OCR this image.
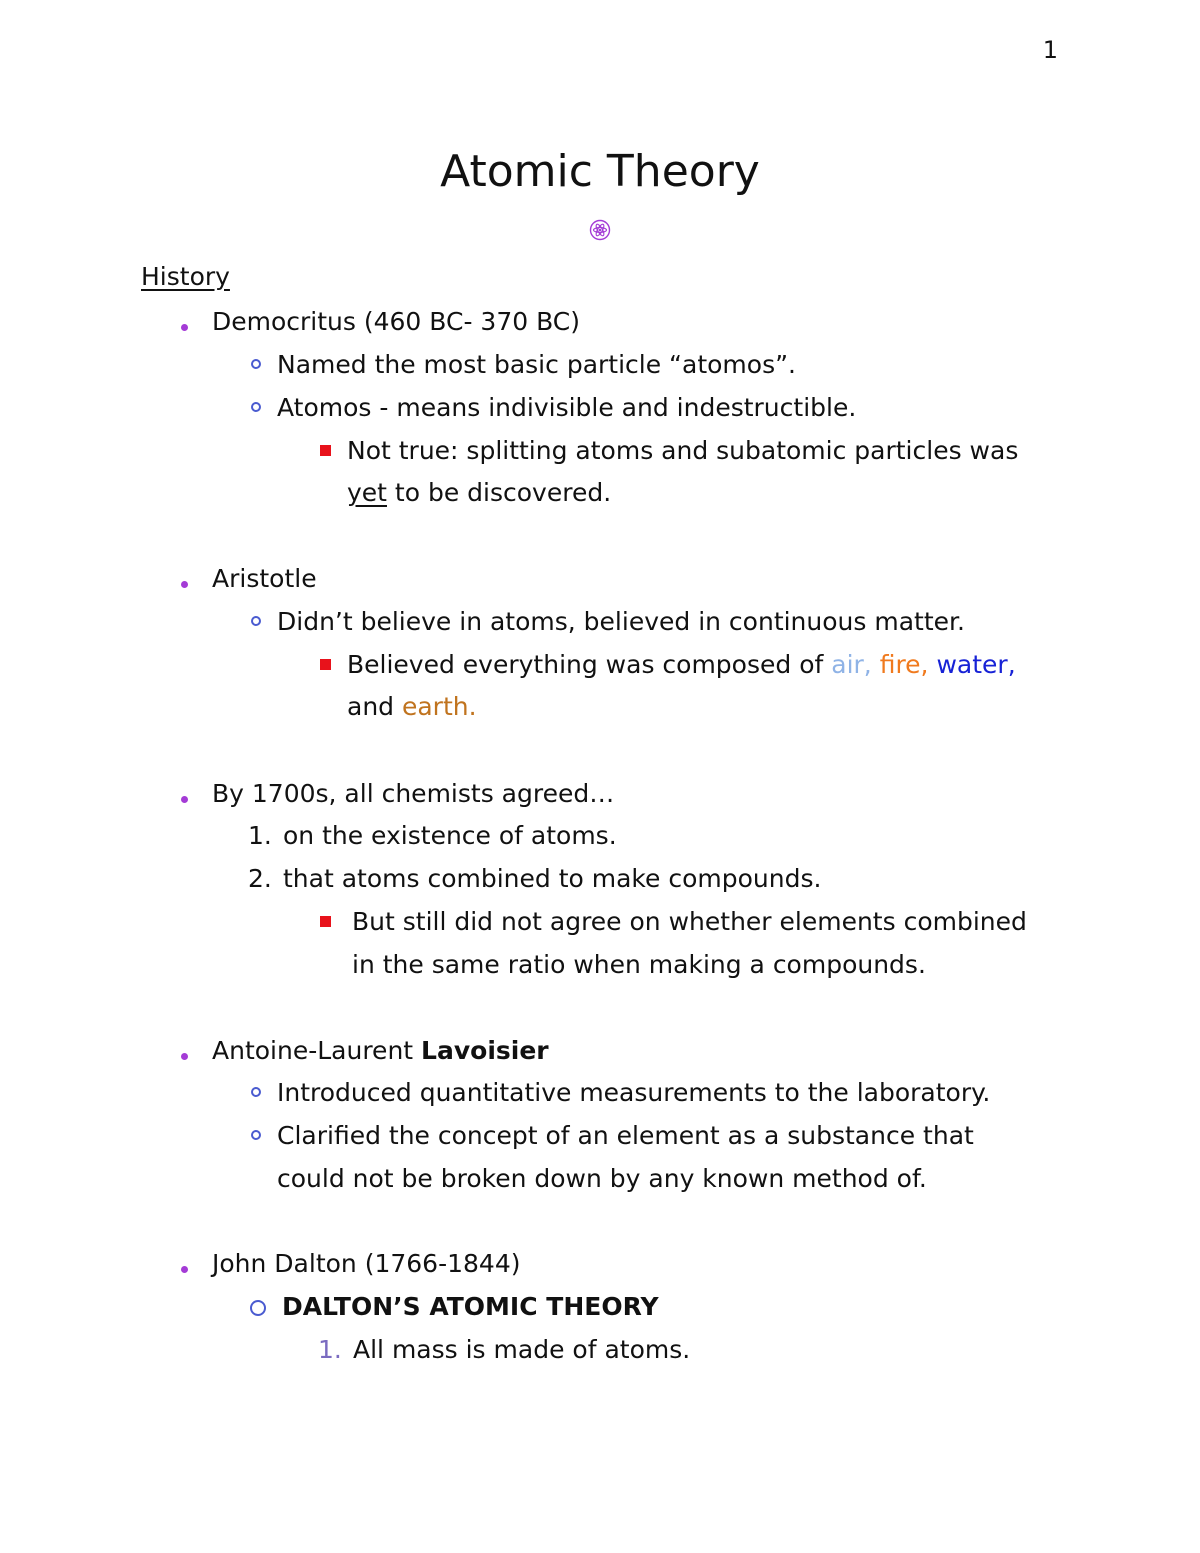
1
Atomic Theory
History
Democritus (460 BC- 370 BC)
Named the most basic particle “atomos”.
Atomos - means indivisible and indestructible.
Not true: splitting atoms and subatomic particles was
yet to be discovered.
Aristotle
Didn’t believe in atoms, believed in continuous matter.
Believed everything was composed of air, fire, water,
and earth.
By 1700s, all chemists agreed…
1. on the existence of atoms.
2. that atoms combined to make compounds.
But still did not agree on whether elements combined
in the same ratio when making a compounds.
Antoine-Laurent Lavoisier
Introduced quantitative measurements to the laboratory.
Clarified the concept of an element as a substance that
could not be broken down by any known method of.
John Dalton (1766-1844)
DALTON’S ATOMIC THEORY
1. All mass is made of atoms.
